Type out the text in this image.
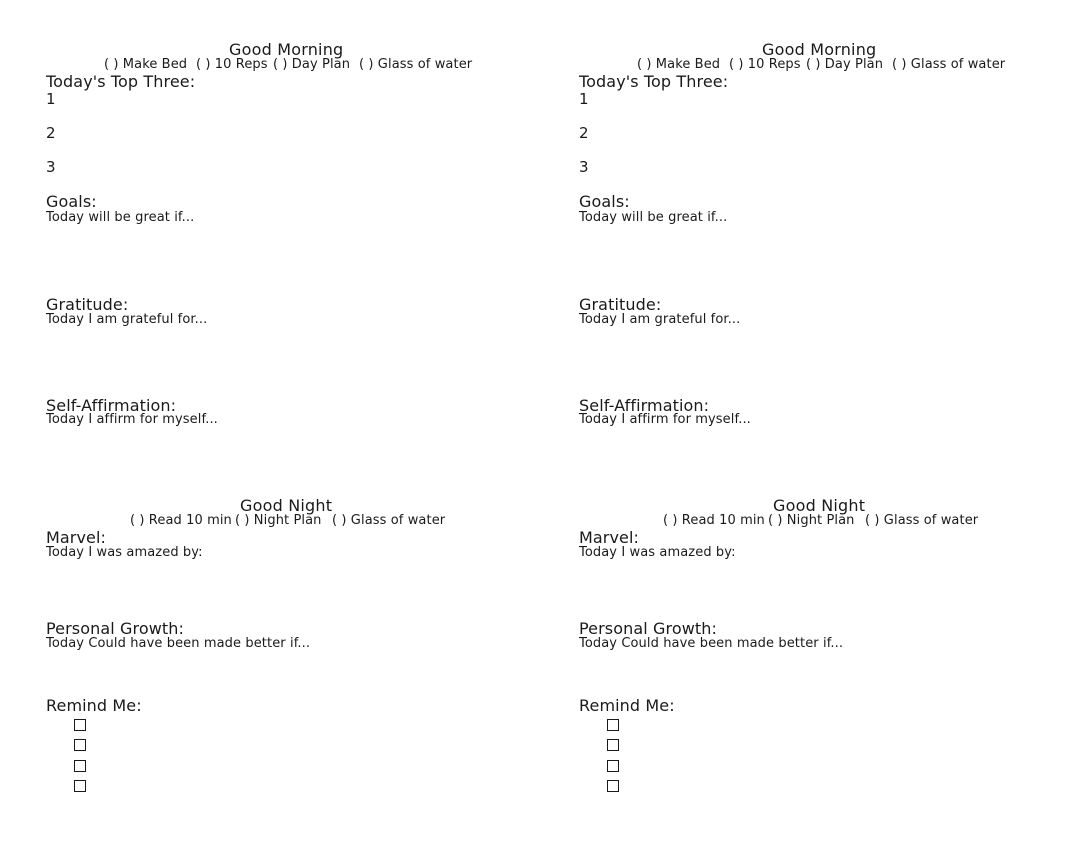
Good Morning
( ) Make Bed ( ) 10 Reps ( ) Day Plan ( ) Glass of water
Today's Top Three:
1
2
3
Goals:
Today will be great if...
Gratitude:
Today I am grateful for...
Self-Affirmation:
Today I affirm for myself...
Good Night
( ) Read 10 min ( ) Night Plan ( ) Glass of water
Marvel:
Today I was amazed by:
Personal Growth:
Today Could have been made better if...
Remind Me:
Good Morning
( ) Make Bed ( ) 10 Reps ( ) Day Plan ( ) Glass of water
Today's Top Three:
1
2
3
Goals:
Today will be great if...
Gratitude:
Today I am grateful for...
Self-Affirmation:
Today I affirm for myself...
Good Night
( ) Read 10 min ( ) Night Plan ( ) Glass of water
Marvel:
Today I was amazed by:
Personal Growth:
Today Could have been made better if...
Remind Me:
